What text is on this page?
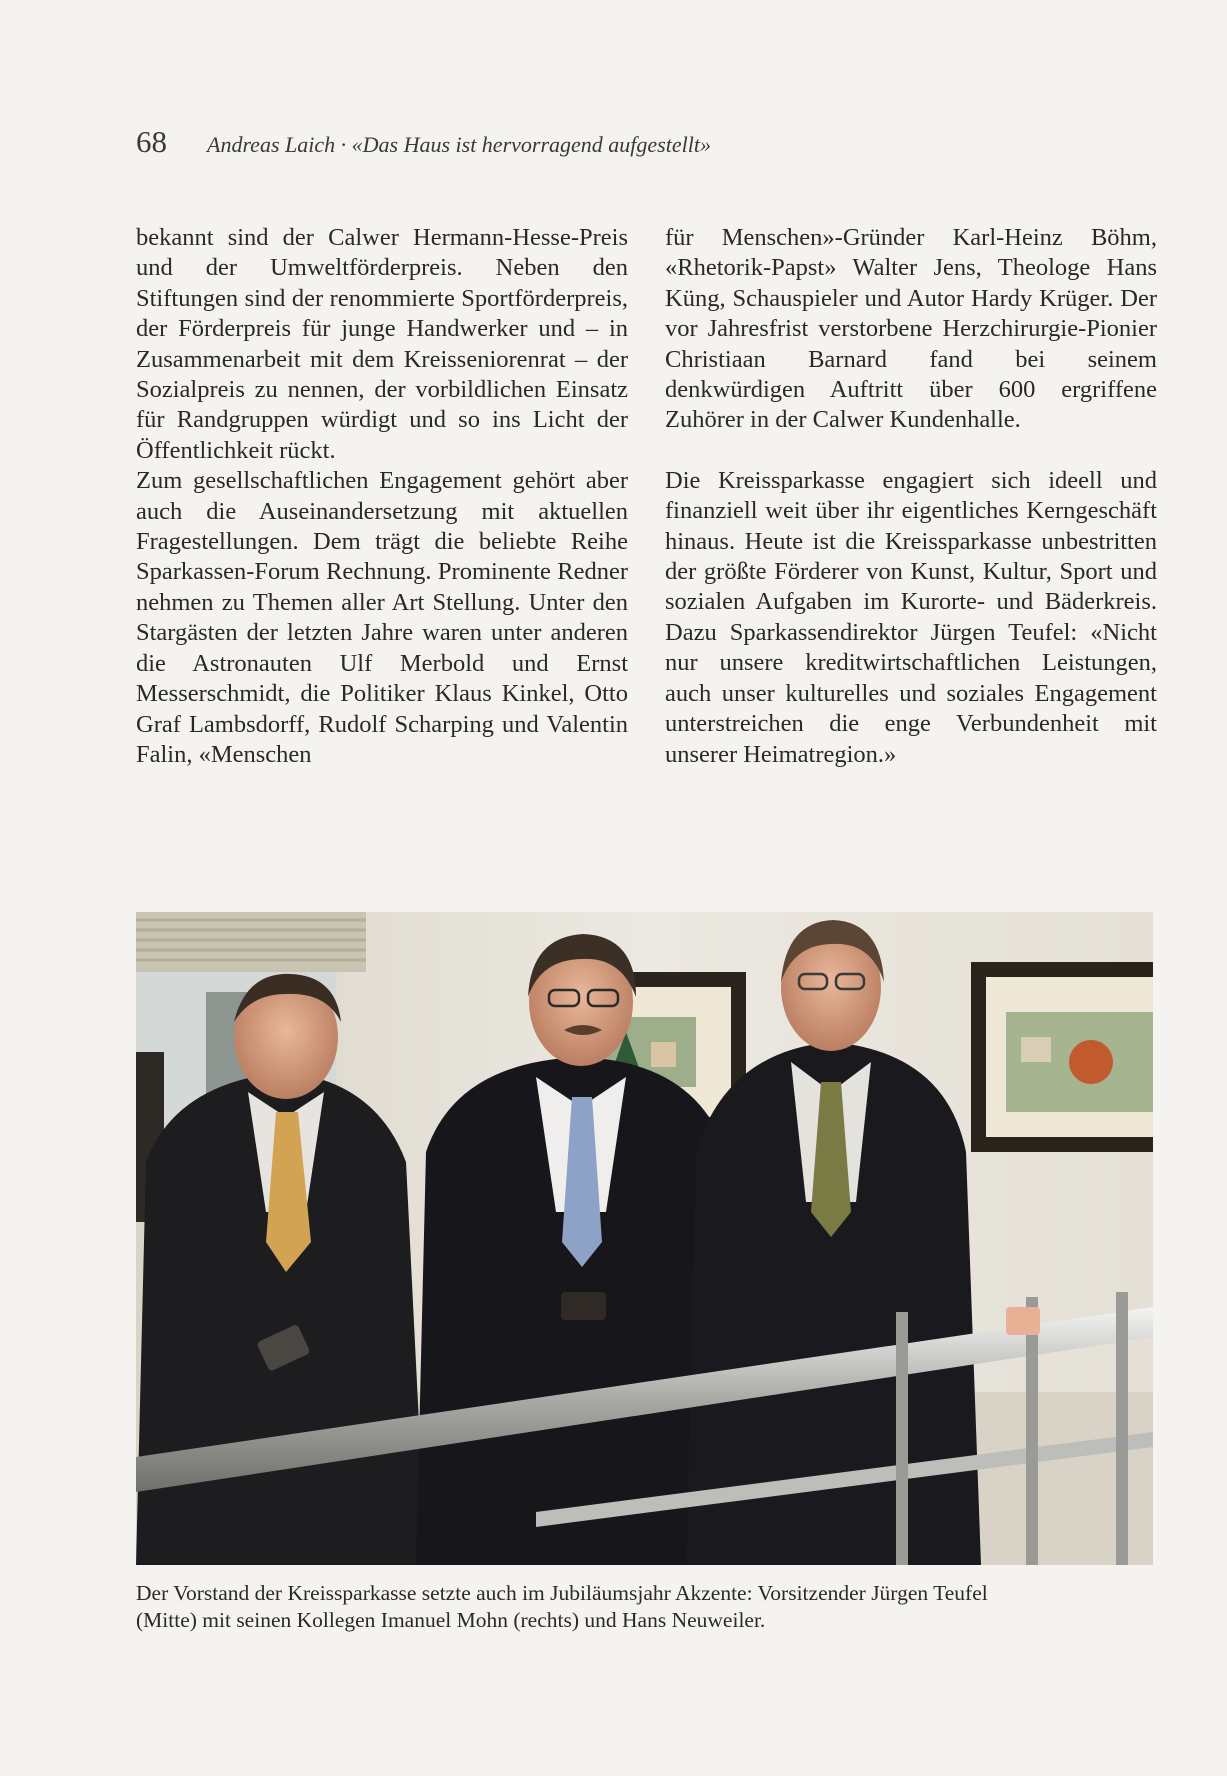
68 Andreas Laich · «Das Haus ist hervorragend aufgestellt»

bekannt sind der Calwer Hermann-Hesse-Preis und der Umweltförderpreis. Neben den Stiftungen sind der renommierte Sportförderpreis, der Förderpreis für junge Handwerker und – in Zusammenarbeit mit dem Kreisseniorenrat – der Sozialpreis zu nennen, der vorbildlichen Einsatz für Randgruppen würdigt und so ins Licht der Öffentlichkeit rückt.

Zum gesellschaftlichen Engagement gehört aber auch die Auseinandersetzung mit aktuellen Fragestellungen. Dem trägt die beliebte Reihe Sparkassen-Forum Rechnung. Prominente Redner nehmen zu Themen aller Art Stellung. Unter den Stargästen der letzten Jahre waren unter anderen die Astronauten Ulf Merbold und Ernst Messerschmidt, die Politiker Klaus Kinkel, Otto Graf Lambsdorff, Rudolf Scharping und Valentin Falin, «Menschen

für Menschen»-Gründer Karl-Heinz Böhm, «Rhetorik-Papst» Walter Jens, Theologe Hans Küng, Schauspieler und Autor Hardy Krüger. Der vor Jahresfrist verstorbene Herzchirurgie-Pionier Christiaan Barnard fand bei seinem denkwürdigen Auftritt über 600 ergriffene Zuhörer in der Calwer Kundenhalle.

Die Kreissparkasse engagiert sich ideell und finanziell weit über ihr eigentliches Kerngeschäft hinaus. Heute ist die Kreissparkasse unbestritten der größte Förderer von Kunst, Kultur, Sport und sozialen Aufgaben im Kurorte- und Bäderkreis. Dazu Sparkassendirektor Jürgen Teufel: «Nicht nur unsere kreditwirtschaftlichen Leistungen, auch unser kulturelles und soziales Engagement unterstreichen die enge Verbundenheit mit unserer Heimatregion.»

Der Vorstand der Kreissparkasse setzte auch im Jubiläumsjahr Akzente: Vorsitzender Jürgen Teufel
(Mitte) mit seinen Kollegen Imanuel Mohn (rechts) und Hans Neuweiler.
